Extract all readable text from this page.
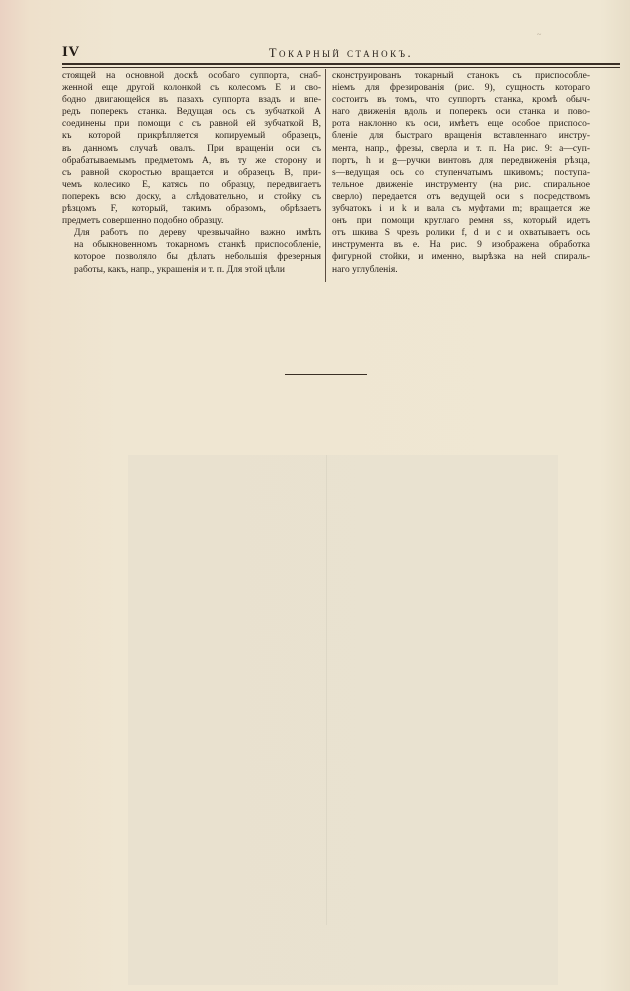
~
IV	Токарный станокъ.

стоящей на основной доскѣ особаго суппорта, снаб-
женной еще другой колонкой съ колесомъ E и сво-
бодно двигающейся въ пазахъ суппорта взадъ и впе-
редъ поперекъ станка. Ведущая ось съ зубчаткой A
соединены при помощи c съ равной ей зубчаткой B,
къ которой прикрѣпляется копируемый образецъ,
въ данномъ случаѣ овалъ. При вращенiи оси съ
обрабатываемымъ предметомъ A, въ ту же сторону и
съ равной скоростью вращается и образецъ B, при-
чемъ колесико E, катясь по образцу, передвигаетъ
поперекъ всю доску, а слѣдовательно, и стойку съ
рѣзцомъ F, который, такимъ образомъ, обрѣзаетъ
предметъ совершенно подобно образцу.

Для работъ по дереву чрезвычайно важно имѣть
на обыкновенномъ токарномъ станкѣ приспособленiе,
которое позволяло бы дѣлать небольшiя фрезерныя
работы, какъ, напр., украшенiя и т. п. Для этой цѣли

сконструированъ токарный станокъ съ приспособле-
нiемъ для фрезированiя (рис. 9), сущность котораго
состоитъ въ томъ, что суппортъ станка, кромѣ обыч-
наго движенiя вдоль и поперекъ оси станка и пово-
рота наклонно къ оси, имѣетъ еще особое приспосо-
бленiе для быстраго вращенiя вставленнаго инстру-
мента, напр., фрезы, сверла и т. п. На рис. 9: a—суп-
портъ, h и g—ручки винтовъ для передвиженiя рѣзца,
s—ведущая ось со ступенчатымъ шкивомъ; поступа-
тельное движенiе инструменту (на рис. спиральное
сверло) передается отъ ведущей оси s посредствомъ
зубчатокъ i и k и вала съ муфтами m; вращается же
онъ при помощи круглаго ремня ss, который идетъ
отъ шкива S чрезъ ролики f, d и c и охватываетъ ось
инструмента въ e. На рис. 9 изображена обработка
фигурной стойки, и именно, вырѣзка на ней спираль-
наго углубленiя.
